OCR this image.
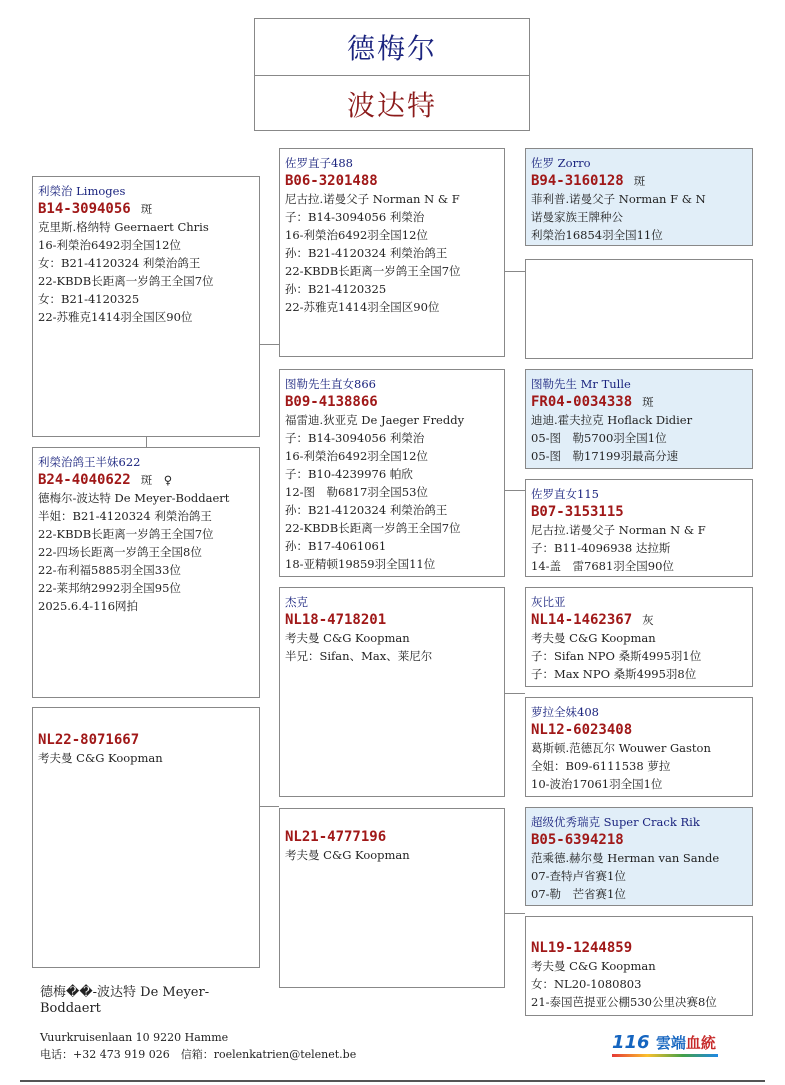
德梅尔
波达特
利榮治 Limoges
B14-3094056 斑
克里斯.格纳特 Geernaert Chris
16-利榮治6492羽全国12位
女：B21-4120324 利榮治鸽王
22-KBDB长距离一岁鸽王全国7位
女：B21-4120325
22-苏雅克1414羽全国区90位
利榮治鸽王半妹622
B24-4040622 斑　♀
德梅尔-波达特 De Meyer-Boddaert
半姐：B21-4120324 利榮治鸽王
22-KBDB长距离一岁鸽王全国7位
22-四场长距离一岁鸽王全国8位
22-布利福5885羽全国33位
22-莱邦纳2992羽全国95位
2025.6.4-116网拍
NL22-8071667
考夫曼 C&G Koopman
佐罗直子488
B06-3201488
尼古拉.诺曼父子 Norman N & F
子：B14-3094056 利榮治
16-利榮治6492羽全国12位
孙：B21-4120324 利榮治鸽王
22-KBDB长距离一岁鸽王全国7位
孙：B21-4120325
22-苏雅克1414羽全国区90位
图勒先生直女866
B09-4138866
福雷迪.狄亚克 De Jaeger Freddy
子：B14-3094056 利榮治
16-利榮治6492羽全国12位
子：B10-4239976 帕欣
12-图　勒6817羽全国53位
孙：B21-4120324 利榮治鸽王
22-KBDB长距离一岁鸽王全国7位
孙：B17-4061061
18-亚精顿19859羽全国11位
杰克
NL18-4718201
考夫曼 C&G Koopman
半兄：Sifan、Max、莱尼尔
NL21-4777196
考夫曼 C&G Koopman
佐罗 Zorro
B94-3160128 斑
菲利普.诺曼父子 Norman F & N
诺曼家族王牌种公
利榮治16854羽全国11位
图勒先生 Mr Tulle
FR04-0034338 斑
迪迪.霍夫拉克 Hoflack Didier
05-图　勒5700羽全国1位
05-图　勒17199羽最高分速
佐罗直女115
B07-3153115
尼古拉.诺曼父子 Norman N & F
子：B11-4096938 达拉斯
14-盖　雷7681羽全国90位
灰比亚
NL14-1462367 灰
考夫曼 C&G Koopman
子：Sifan NPO 桑斯4995羽1位
子：Max NPO 桑斯4995羽8位
萝拉全妹408
NL12-6023408
葛斯顿.范德瓦尔 Wouwer Gaston
全姐：B09-6111538 萝拉
10-波治17061羽全国1位
超级优秀瑞克 Super Crack Rik
B05-6394218
范乘德.赫尔曼 Herman van Sande
07-查特卢省赛1位
07-勒　芒省赛1位
NL19-1244859
考夫曼 C&G Koopman
女：NL20-1080803
21-泰国芭提亚公棚530公里决赛8位
德梅��-波达特 De Meyer-Boddaert
Vuurkruisenlaan 10 9220 Hamme
电话：+32 473 919 026　信箱：roelenkatrien@telenet.be
116 雲端血統
